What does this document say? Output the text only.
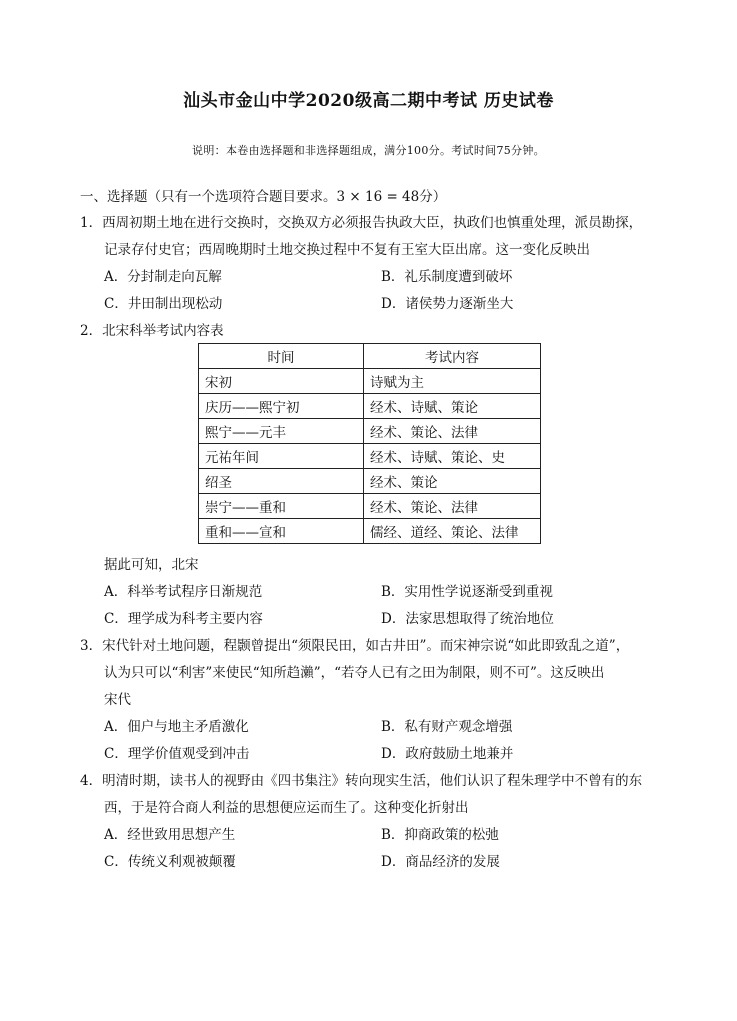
汕头市金山中学2020级高二期中考试 历史试卷
说明：本卷由选择题和非选择题组成，满分100分。考试时间75分钟。
一、选择题（只有一个选项符合题目要求。3 × 16 = 48分）
1．西周初期土地在进行交换时，交换双方必须报告执政大臣，执政们也慎重处理，派员勘探，
记录存付史官；西周晚期时土地交换过程中不复有王室大臣出席。这一变化反映出
A．分封制走向瓦解	B．礼乐制度遭到破坏
C．井田制出现松动	D．诸侯势力逐渐坐大
2．北宋科举考试内容表
时间	考试内容
宋初	诗赋为主
庆历——熙宁初	经术、诗赋、策论
熙宁——元丰	经术、策论、法律
元祐年间	经术、诗赋、策论、史
绍圣	经术、策论
崇宁——重和	经术、策论、法律
重和——宣和	儒经、道经、策论、法律
据此可知，北宋
A．科举考试程序日渐规范	B．实用性学说逐渐受到重视
C．理学成为科考主要内容	D．法家思想取得了统治地位
3．宋代针对土地问题，程颢曾提出“须限民田，如古井田”。而宋神宗说“如此即致乱之道”，
认为只可以“利害”来使民“知所趋瀨”，“若夺人已有之田为制限，则不可”。这反映出
宋代
A．佃户与地主矛盾激化	B．私有财产观念增强
C．理学价值观受到冲击	D．政府鼓励土地兼并
4．明清时期，读书人的视野由《四书集注》转向现实生活，他们认识了程朱理学中不曾有的东
西，于是符合商人利益的思想便应运而生了。这种变化折射出
A．经世致用思想产生	B．抑商政策的松弛
C．传统义利观被颠覆	D．商品经济的发展
